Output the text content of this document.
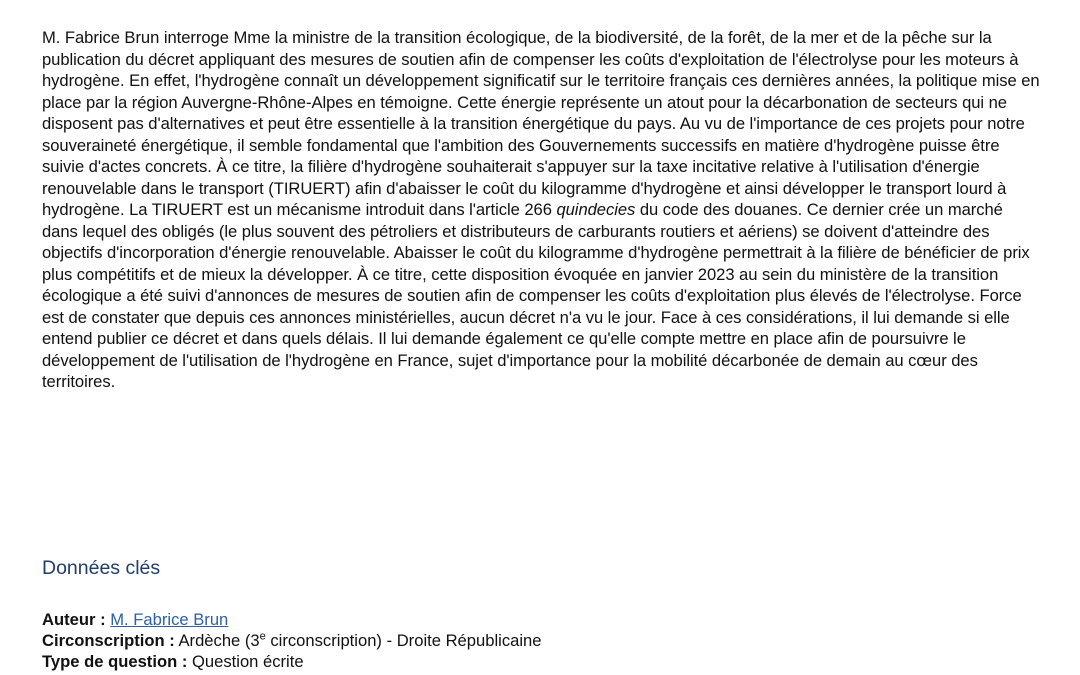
M. Fabrice Brun interroge Mme la ministre de la transition écologique, de la biodiversité, de la forêt, de la mer et de la pêche sur la publication du décret appliquant des mesures de soutien afin de compenser les coûts d'exploitation de l'électrolyse pour les moteurs à hydrogène. En effet, l'hydrogène connaît un développement significatif sur le territoire français ces dernières années, la politique mise en place par la région Auvergne-Rhône-Alpes en témoigne. Cette énergie représente un atout pour la décarbonation de secteurs qui ne disposent pas d'alternatives et peut être essentielle à la transition énergétique du pays. Au vu de l'importance de ces projets pour notre souveraineté énergétique, il semble fondamental que l'ambition des Gouvernements successifs en matière d'hydrogène puisse être suivie d'actes concrets. À ce titre, la filière d'hydrogène souhaiterait s'appuyer sur la taxe incitative relative à l'utilisation d'énergie renouvelable dans le transport (TIRUERT) afin d'abaisser le coût du kilogramme d'hydrogène et ainsi développer le transport lourd à hydrogène. La TIRUERT est un mécanisme introduit dans l'article 266 quindecies du code des douanes. Ce dernier crée un marché dans lequel des obligés (le plus souvent des pétroliers et distributeurs de carburants routiers et aériens) se doivent d'atteindre des objectifs d'incorporation d'énergie renouvelable. Abaisser le coût du kilogramme d'hydrogène permettrait à la filière de bénéficier de prix plus compétitifs et de mieux la développer. À ce titre, cette disposition évoquée en janvier 2023 au sein du ministère de la transition écologique a été suivi d'annonces de mesures de soutien afin de compenser les coûts d'exploitation plus élevés de l'électrolyse. Force est de constater que depuis ces annonces ministérielles, aucun décret n'a vu le jour. Face à ces considérations, il lui demande si elle entend publier ce décret et dans quels délais. Il lui demande également ce qu'elle compte mettre en place afin de poursuivre le développement de l'utilisation de l'hydrogène en France, sujet d'importance pour la mobilité décarbonée de demain au cœur des territoires.

Données clés
Auteur : M. Fabrice Brun
Circonscription : Ardèche (3e circonscription) - Droite Républicaine
Type de question : Question écrite
